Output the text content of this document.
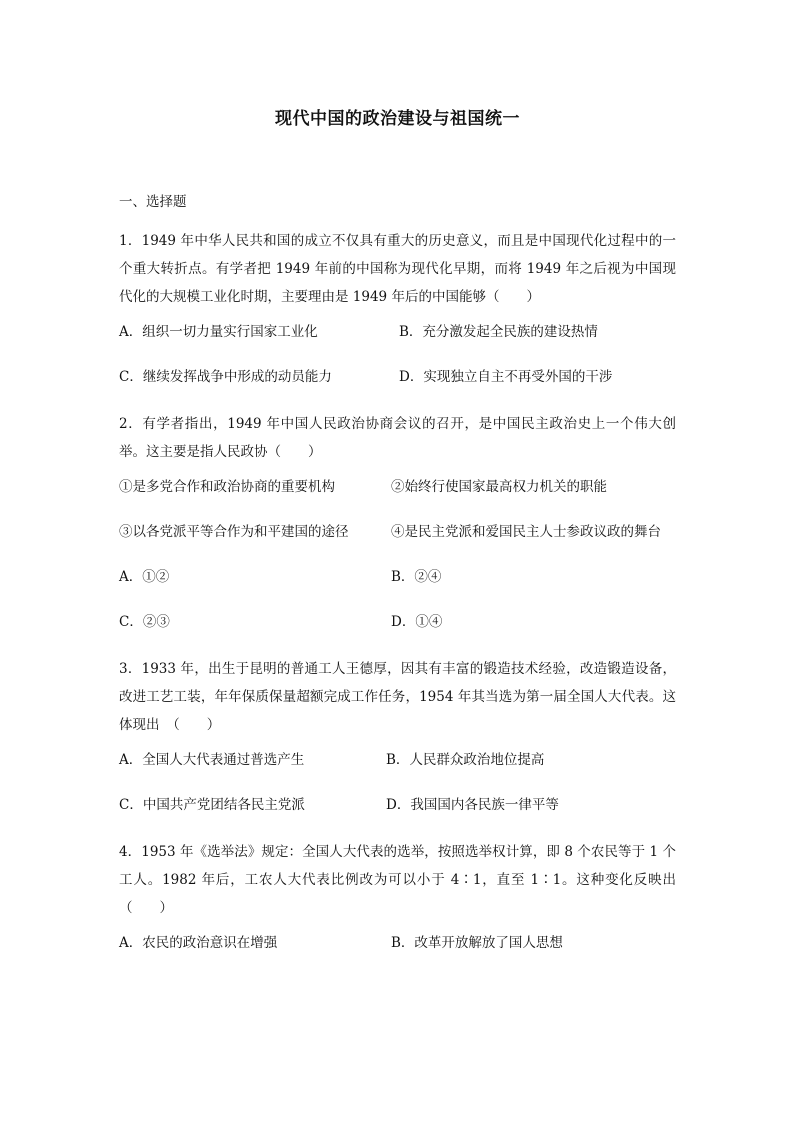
现代中国的政治建设与祖国统一
一、选择题

1．1949 年中华人民共和国的成立不仅具有重大的历史意义，而且是中国现代化过程中的一个重大转折点。有学者把 1949 年前的中国称为现代化早期，而将 1949 年之后视为中国现代化的大规模工业化时期，主要理由是 1949 年后的中国能够（　　）

A．组织一切力量实行国家工业化	B．充分激发起全民族的建设热情
C．继续发挥战争中形成的动员能力	D．实现独立自主不再受外国的干涉

2．有学者指出，1949 年中国人民政治协商会议的召开，是中国民主政治史上一个伟大创举。这主要是指人民政协（　　）

①是多党合作和政治协商的重要机构	②始终行使国家最高权力机关的职能
③以各党派平等合作为和平建国的途径	④是民主党派和爱国民主人士参政议政的舞台
A．①②	B．②④
C．②③	D．①④

3．1933 年，出生于昆明的普通工人王德厚，因其有丰富的锻造技术经验，改造锻造设备，改进工艺工装，年年保质保量超额完成工作任务，1954 年其当选为第一届全国人大代表。这体现出　（　　）

A．全国人大代表通过普选产生	B．人民群众政治地位提高
C．中国共产党团结各民主党派	D．我国国内各民族一律平等

4．1953 年《选举法》规定：全国人大代表的选举，按照选举权计算，即 8 个农民等于 1 个工人。1982 年后，工农人大代表比例改为可以小于 4∶1，直至 1∶1。这种变化反映出（　　）

A．农民的政治意识在增强	B．改革开放解放了国人思想
